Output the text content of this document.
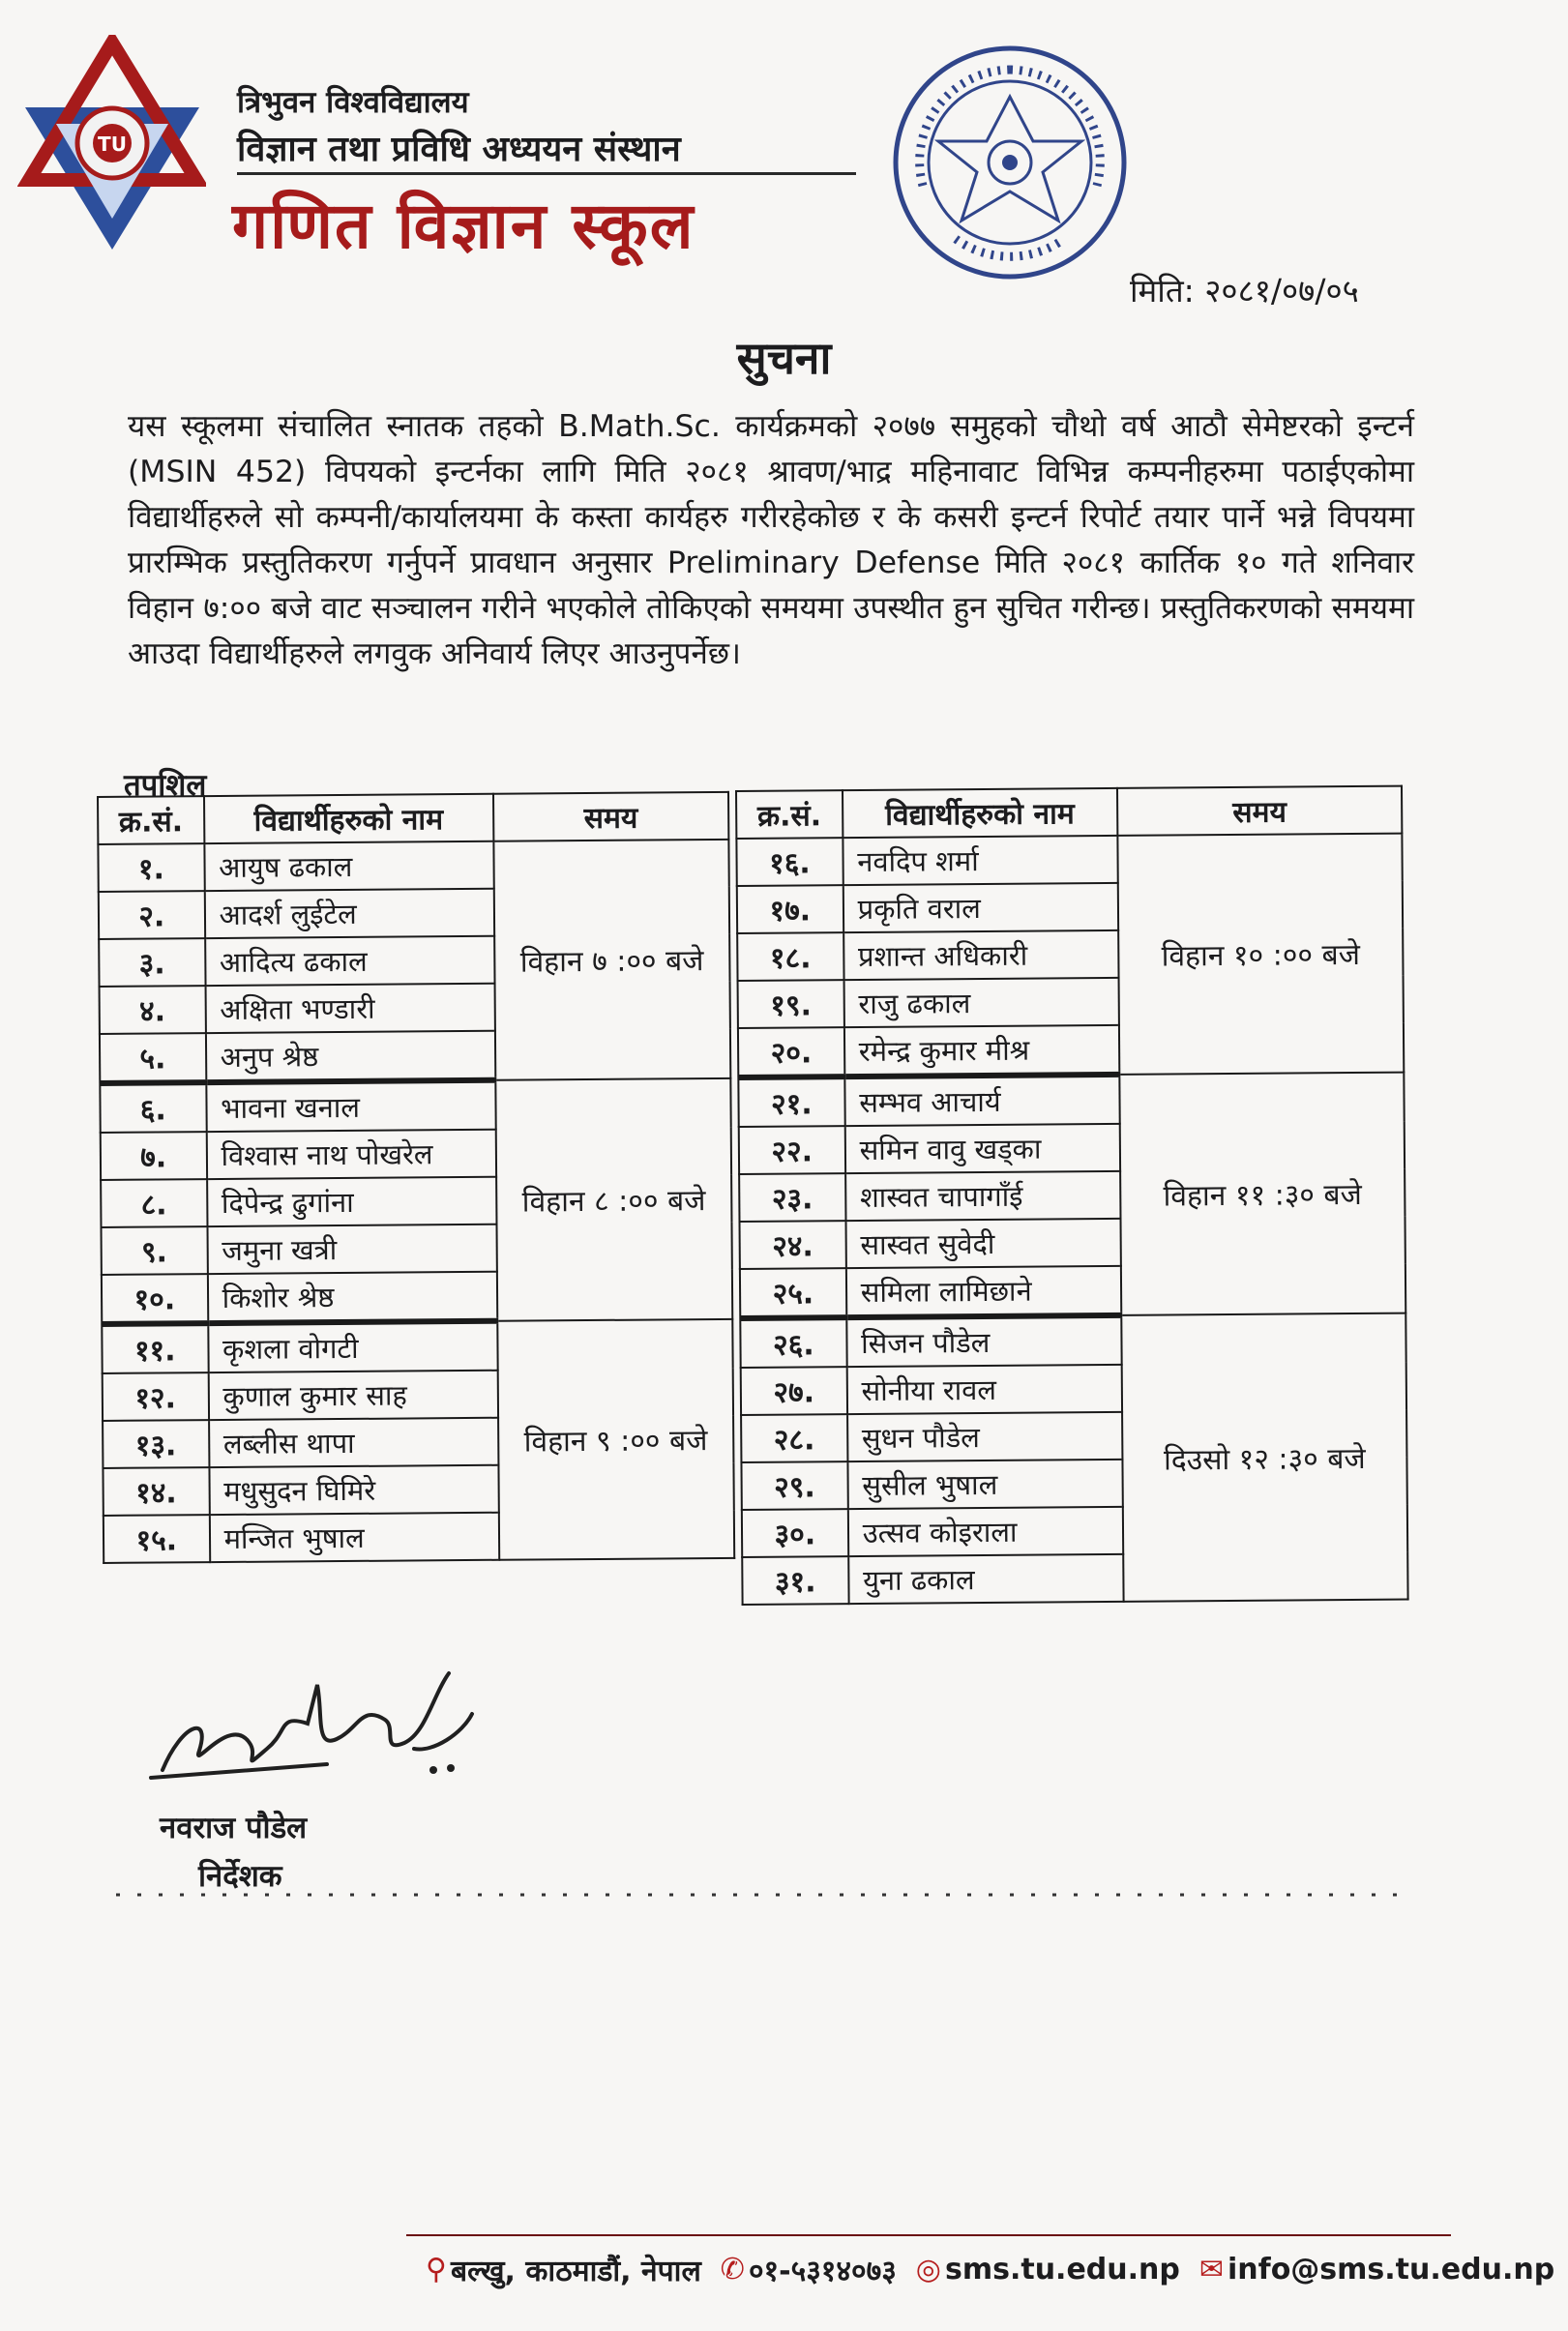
TU
त्रिभुवन विश्वविद्यालय
विज्ञान तथा प्रविधि अध्ययन संस्थान
गणित विज्ञान स्कूल
मिति: २०८१/०७/०५
सुचना
यस स्कूलमा संचालित स्नातक तहको B.Math.Sc. कार्यक्रमको २०७७ समुहको चौथो वर्ष आठौ सेमेष्टरको इन्टर्न (MSIN 452) विपयको इन्टर्नका लागि मिति २०८१ श्रावण/भाद्र महिनावाट विभिन्न कम्पनीहरुमा पठाईएकोमा विद्यार्थीहरुले सो कम्पनी/कार्यालयमा के कस्ता कार्यहरु गरीरहेकोछ र के कसरी इन्टर्न रिपोर्ट तयार पार्ने भन्ने विपयमा प्रारम्भिक प्रस्तुतिकरण गर्नुपर्ने प्रावधान अनुसार Preliminary Defense मिति २०८१ कार्तिक १० गते शनिवार विहान ७:०० बजे वाट सञ्चालन गरीने भएकोले तोकिएको समयमा उपस्थीत हुन सुचित गरीन्छ। प्रस्तुतिकरणको समयमा आउदा विद्यार्थीहरुले लगवुक अनिवार्य लिएर आउनुपर्नेछ।
तपशिल
क्र.सं.	विद्यार्थीहरुको नाम	समय
१.	आयुष ढकाल	विहान ७ :०० बजे
२.	आदर्श लुईटेल	
३.	आदित्य ढकाल	
४.	अक्षिता भण्डारी	
५.	अनुप श्रेष्ठ	
६.	भावना खनाल	विहान ८ :०० बजे
७.	विश्वास नाथ पोखरेल	
८.	दिपेन्द्र ढुगांना	
९.	जमुना खत्री	
१०.	किशोर श्रेष्ठ	
११.	कृशला वोगटी	विहान ९ :०० बजे
१२.	कुणाल कुमार साह	
१३.	लब्लीस थापा	
१४.	मधुसुदन घिमिरे	
१५.	मन्जित भुषाल	
क्र.सं.	विद्यार्थीहरुको नाम	समय
१६.	नवदिप शर्मा	विहान १० :०० बजे
१७.	प्रकृति वराल	
१८.	प्रशान्त अधिकारी	
१९.	राजु ढकाल	
२०.	रमेन्द्र कुमार मीश्र	
२१.	सम्भव आचार्य	विहान ११ :३० बजे
२२.	समिन वावु खड्का	
२३.	शास्वत चापागाँई	
२४.	सास्वत सुवेदी	
२५.	समिला लामिछाने	
२६.	सिजन पौडेल	दिउसो १२ :३० बजे
२७.	सोनीया रावल	
२८.	सुधन पौडेल	
२९.	सुसील भुषाल	
३०.	उत्सव कोइराला	
३१.	युना ढकाल	
नवराज पौडेल
निर्देशक
⚲ बल्खु, काठमाडौं, नेपाल ✆ ०१-५३१४०७३ ◎ sms.tu.edu.np ✉ info@sms.tu.edu.np
